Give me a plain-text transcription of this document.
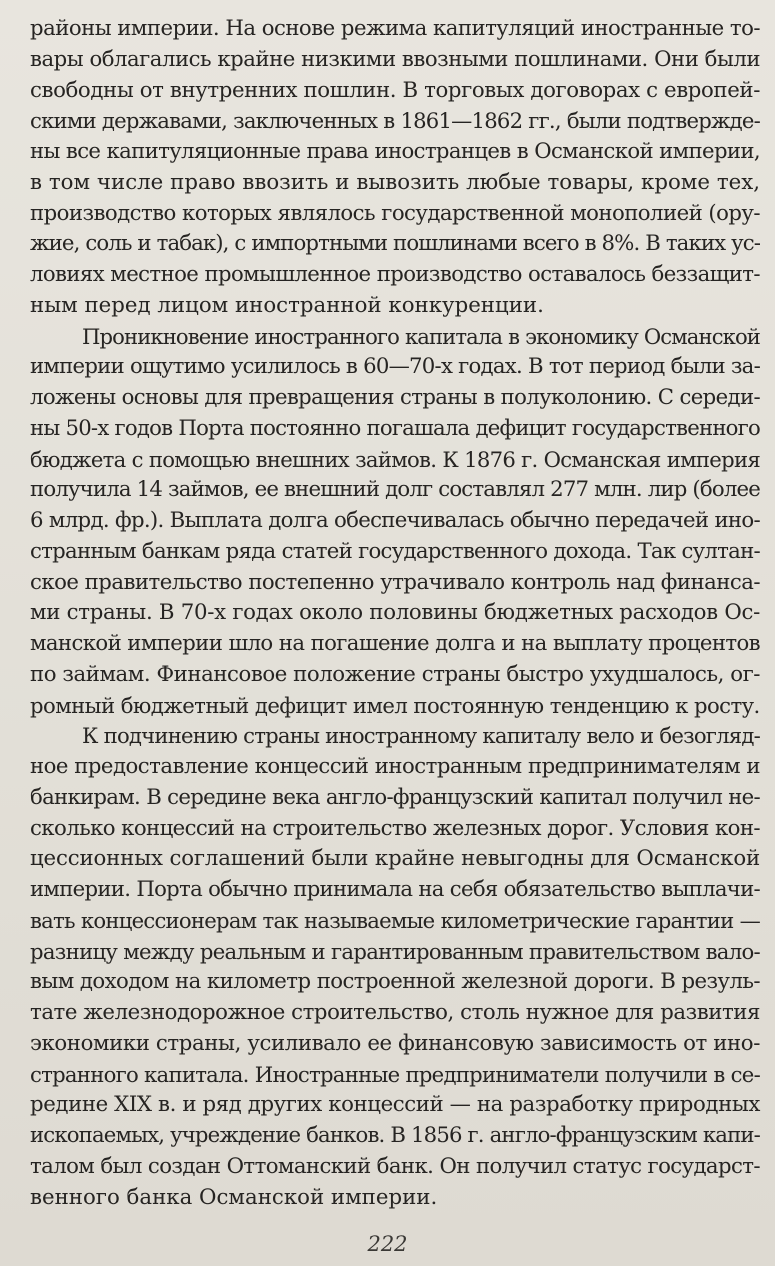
районы империи. На основе режима капитуляций иностранные то-
вары облагались крайне низкими ввозными пошлинами. Они были
свободны от внутренних пошлин. В торговых договорах с европей-
скими державами, заключенных в 1861—1862 гг., были подтвержде-
ны все капитуляционные права иностранцев в Османской империи,
в том числе право ввозить и вывозить любые товары, кроме тех,
производство которых являлось государственной монополией (ору-
жие, соль и табак), с импортными пошлинами всего в 8%. В таких ус-
ловиях местное промышленное производство оставалось беззащит-
ным перед лицом иностранной конкуренции.
Проникновение иностранного капитала в экономику Османской
империи ощутимо усилилось в 60—70-х годах. В тот период были за-
ложены основы для превращения страны в полуколонию. С середи-
ны 50-х годов Порта постоянно погашала дефицит государственного
бюджета с помощью внешних займов. К 1876 г. Османская империя
получила 14 займов, ее внешний долг составлял 277 млн. лир (более
6 млрд. фр.). Выплата долга обеспечивалась обычно передачей ино-
странным банкам ряда статей государственного дохода. Так султан-
ское правительство постепенно утрачивало контроль над финанса-
ми страны. В 70-х годах около половины бюджетных расходов Ос-
манской империи шло на погашение долга и на выплату процентов
по займам. Финансовое положение страны быстро ухудшалось, ог-
ромный бюджетный дефицит имел постоянную тенденцию к росту.
К подчинению страны иностранному капиталу вело и безогляд-
ное предоставление концессий иностранным предпринимателям и
банкирам. В середине века англо-французский капитал получил не-
сколько концессий на строительство железных дорог. Условия кон-
цессионных соглашений были крайне невыгодны для Османской
империи. Порта обычно принимала на себя обязательство выплачи-
вать концессионерам так называемые километрические гарантии —
разницу между реальным и гарантированным правительством вало-
вым доходом на километр построенной железной дороги. В резуль-
тате железнодорожное строительство, столь нужное для развития
экономики страны, усиливало ее финансовую зависимость от ино-
странного капитала. Иностранные предприниматели получили в се-
редине XIX в. и ряд других концессий — на разработку природных
ископаемых, учреждение банков. В 1856 г. англо-французским капи-
талом был создан Оттоманский банк. Он получил статус государст-
венного банка Османской империи.
222
